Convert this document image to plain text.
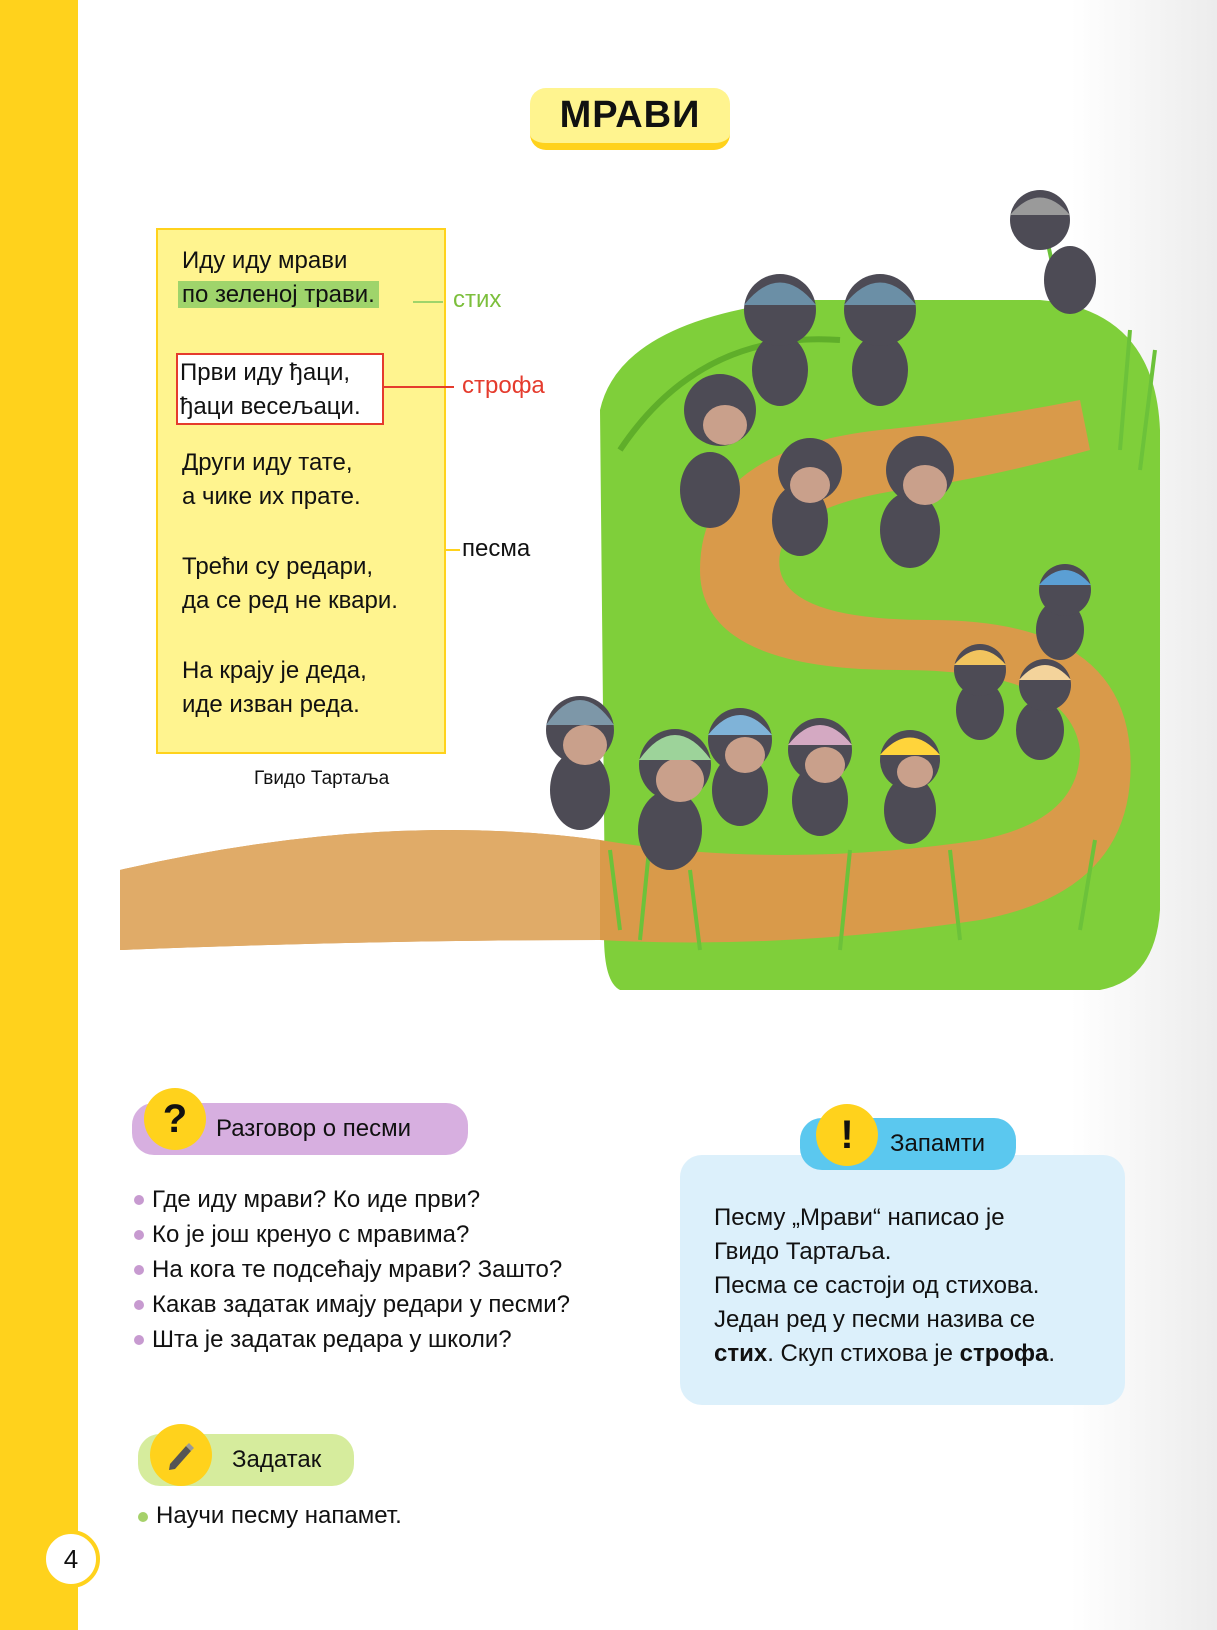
4
МРАВИ
Иду иду мрави
по зеленој трави.
Први иду ђаци,
ђаци весељаци.
Други иду тате,
а чике их прате.
Трећи су редари,
да се ред не квари.
На крају је деда,
иде изван реда.
стих
строфа
песма
Гвидо Тартаља
Разговор о песми
?
Где иду мрави? Ко иде први?
Ко је још кренуо с мравима?
На кога те подсећају мрави? Зашто?
Какав задатак имају редари у песми?
Шта је задатак редара у школи?
Песму „Мрави“ написао је
Гвидо Тартаља.
Песма се састоји од стихова.
Један ред у песми назива се
стих. Скуп стихова је строфа.
Запамти
!
Задатак
Научи песму напамет.
